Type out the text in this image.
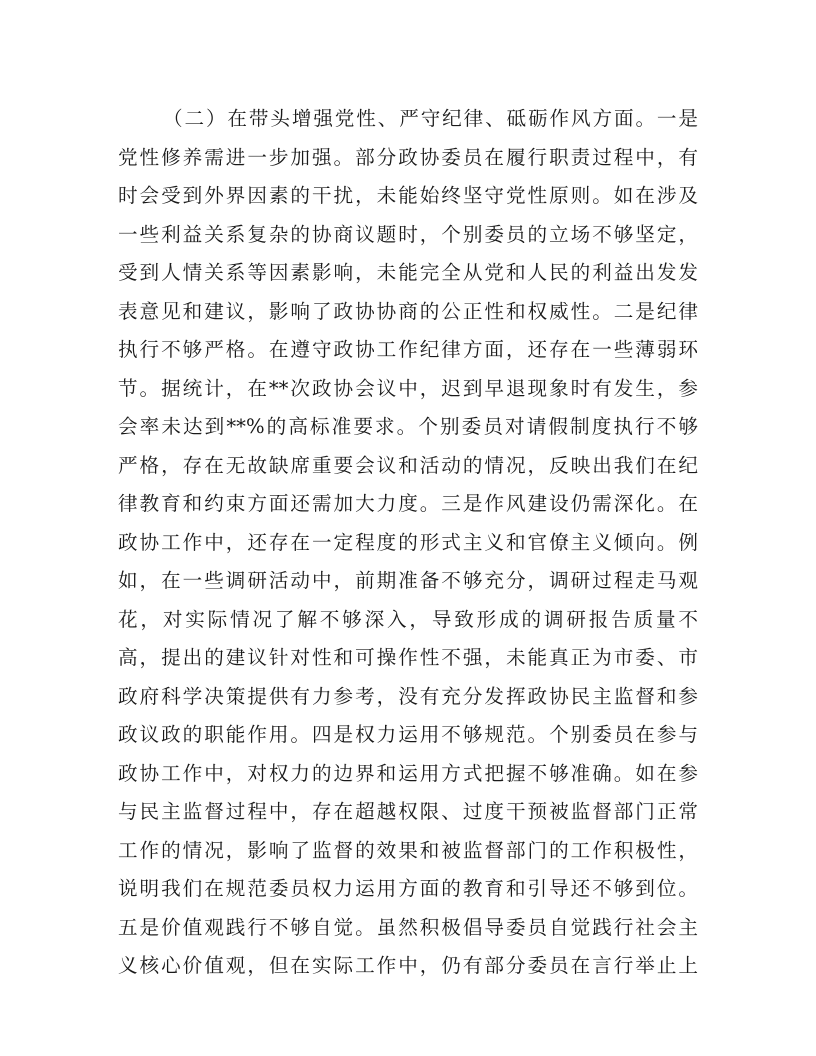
（二）在带头增强党性、严守纪律、砥砺作风方面。一是
党性修养需进一步加强。部分政协委员在履行职责过程中，有
时会受到外界因素的干扰，未能始终坚守党性原则。如在涉及
一些利益关系复杂的协商议题时，个别委员的立场不够坚定，
受到人情关系等因素影响，未能完全从党和人民的利益出发发
表意见和建议，影响了政协协商的公正性和权威性。二是纪律
执行不够严格。在遵守政协工作纪律方面，还存在一些薄弱环
节。据统计，在**次政协会议中，迟到早退现象时有发生，参
会率未达到**%的高标准要求。个别委员对请假制度执行不够
严格，存在无故缺席重要会议和活动的情况，反映出我们在纪
律教育和约束方面还需加大力度。三是作风建设仍需深化。在
政协工作中，还存在一定程度的形式主义和官僚主义倾向。例
如，在一些调研活动中，前期准备不够充分，调研过程走马观
花，对实际情况了解不够深入，导致形成的调研报告质量不
高，提出的建议针对性和可操作性不强，未能真正为市委、市
政府科学决策提供有力参考，没有充分发挥政协民主监督和参
政议政的职能作用。四是权力运用不够规范。个别委员在参与
政协工作中，对权力的边界和运用方式把握不够准确。如在参
与民主监督过程中，存在超越权限、过度干预被监督部门正常
工作的情况，影响了监督的效果和被监督部门的工作积极性，
说明我们在规范委员权力运用方面的教育和引导还不够到位。
五是价值观践行不够自觉。虽然积极倡导委员自觉践行社会主
义核心价值观，但在实际工作中，仍有部分委员在言行举止上
